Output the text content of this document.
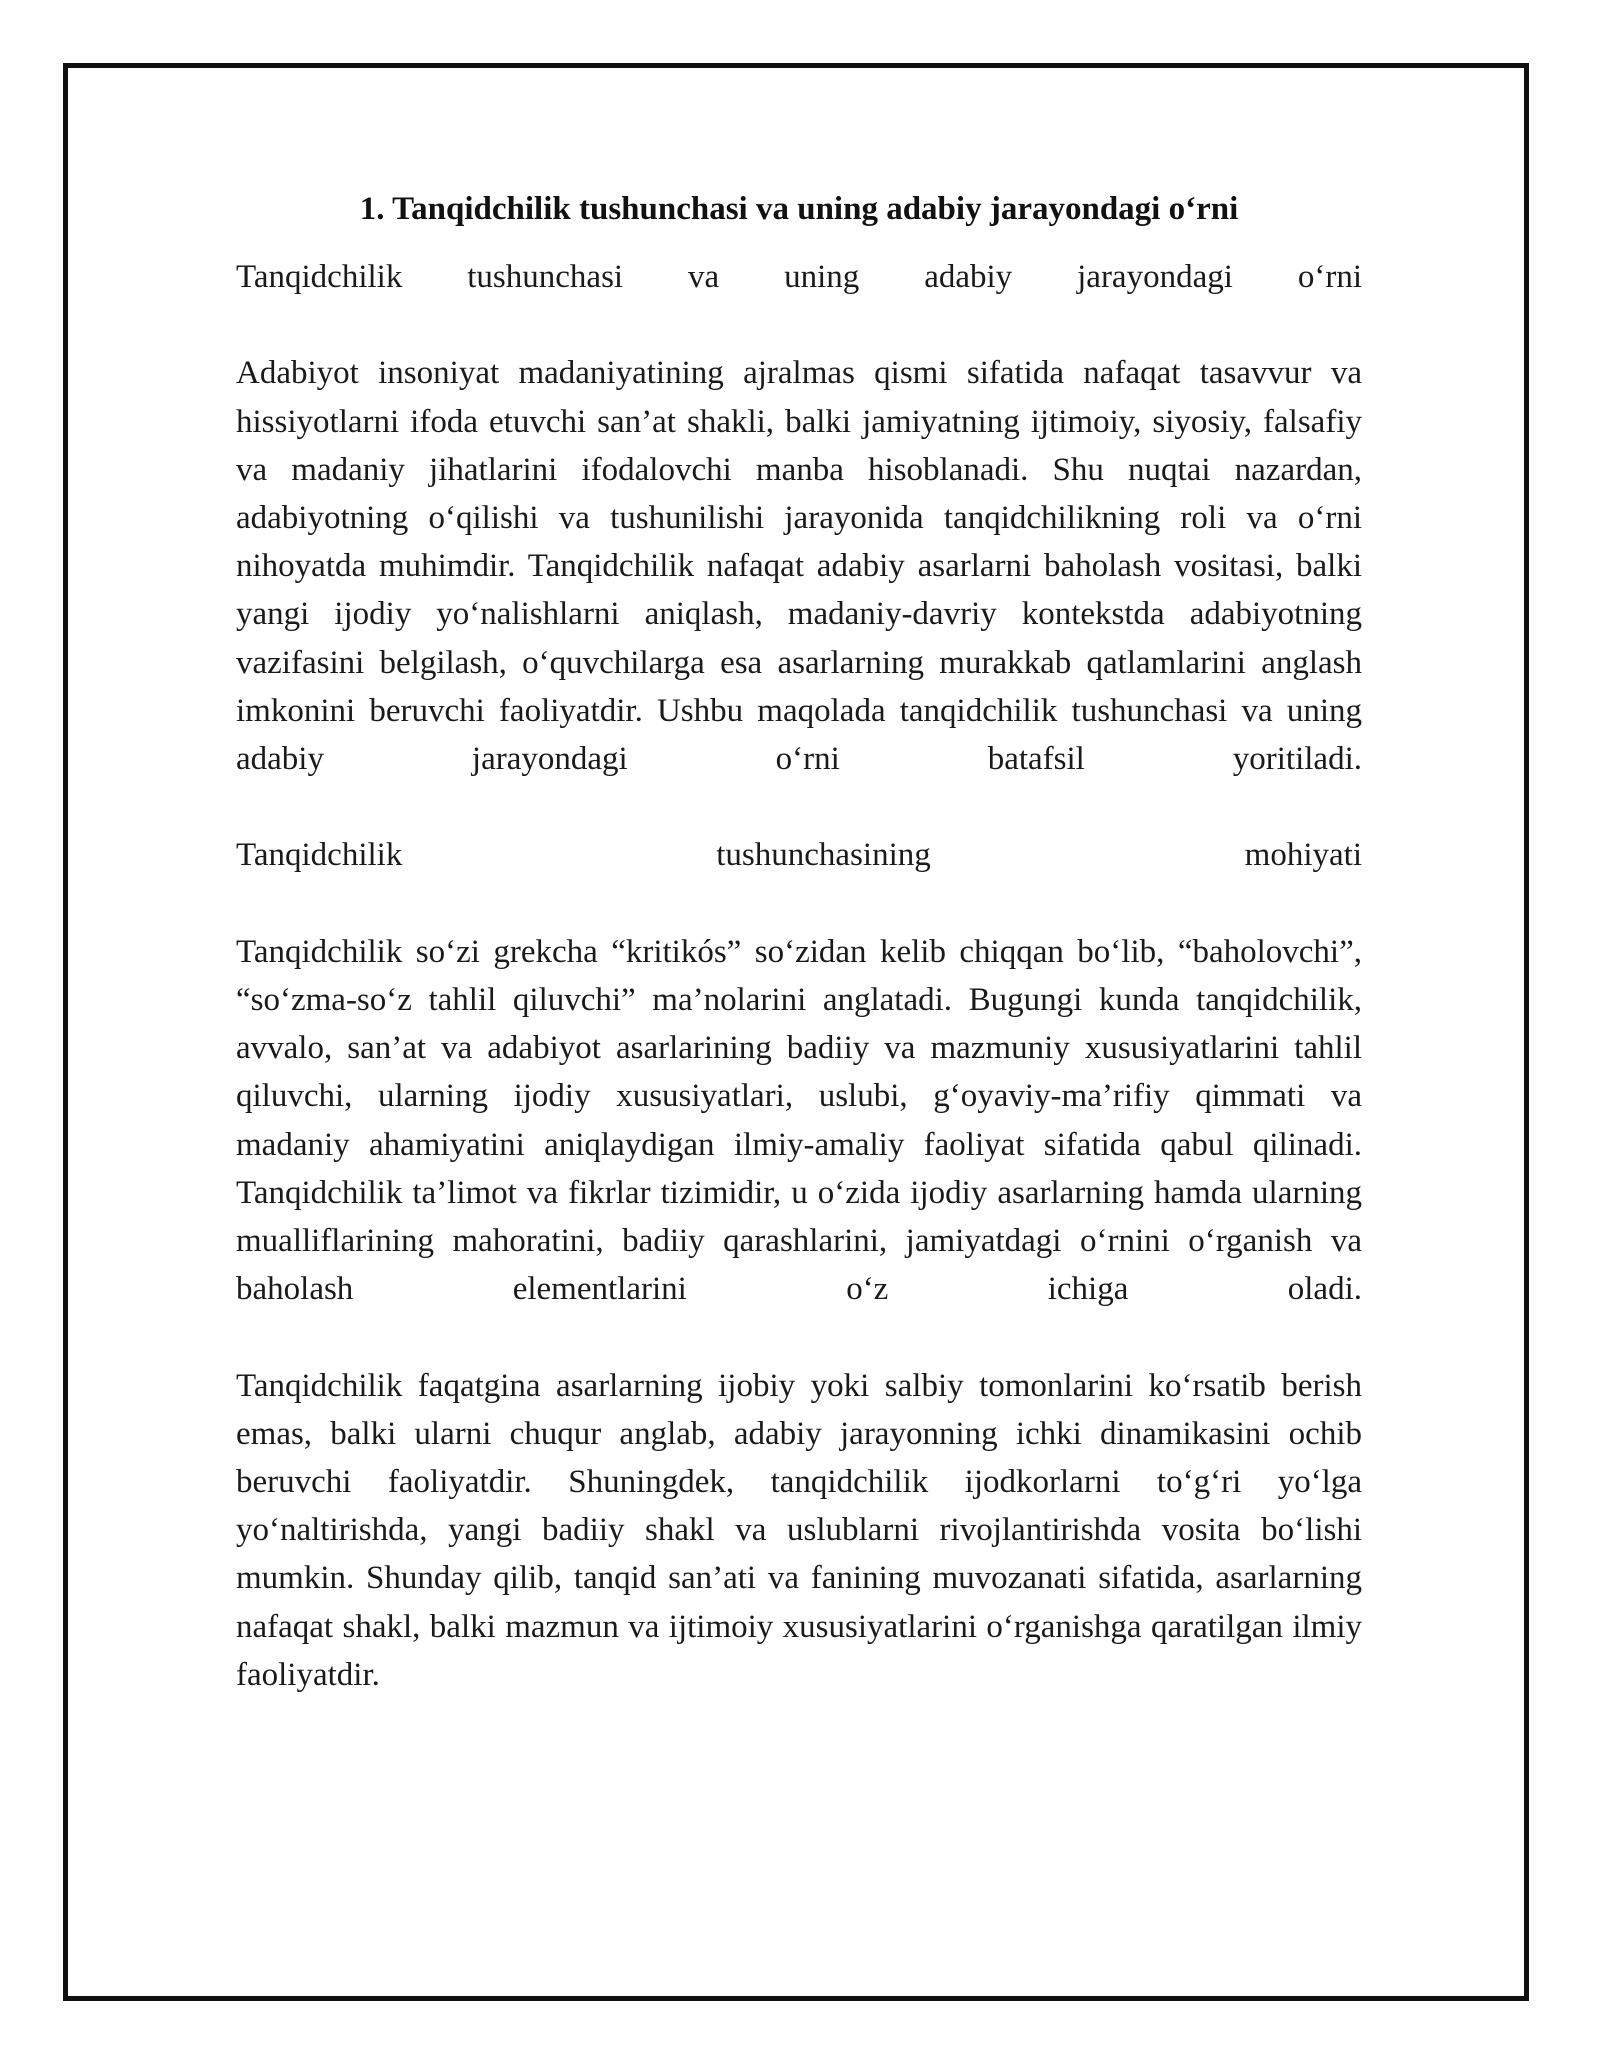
1. Tanqidchilik tushunchasi va uning adabiy jarayondagi o‘rni

Tanqidchilik tushunchasi va uning adabiy jarayondagi o‘rni

Adabiyot insoniyat madaniyatining ajralmas qismi sifatida nafaqat tasavvur va hissiyotlarni ifoda etuvchi san’at shakli, balki jamiyatning ijtimoiy, siyosiy, falsafiy va madaniy jihatlarini ifodalovchi manba hisoblanadi. Shu nuqtai nazardan, adabiyotning o‘qilishi va tushunilishi jarayonida tanqidchilikning roli va o‘rni nihoyatda muhimdir. Tanqidchilik nafaqat adabiy asarlarni baholash vositasi, balki yangi ijodiy yo‘nalishlarni aniqlash, madaniy-davriy kontekstda adabiyotning vazifasini belgilash, o‘quvchilarga esa asarlarning murakkab qatlamlarini anglash imkonini beruvchi faoliyatdir. Ushbu maqolada tanqidchilik tushunchasi va uning adabiy jarayondagi o‘rni batafsil yoritiladi.

Tanqidchilik tushunchasining mohiyati

Tanqidchilik so‘zi grekcha “kritikós” so‘zidan kelib chiqqan bo‘lib, “baholovchi”, “so‘zma-so‘z tahlil qiluvchi” ma’nolarini anglatadi. Bugungi kunda tanqidchilik, avvalo, san’at va adabiyot asarlarining badiiy va mazmuniy xususiyatlarini tahlil qiluvchi, ularning ijodiy xususiyatlari, uslubi, g‘oyaviy-ma’rifiy qimmati va madaniy ahamiyatini aniqlaydigan ilmiy-amaliy faoliyat sifatida qabul qilinadi. Tanqidchilik ta’limot va fikrlar tizimidir, u o‘zida ijodiy asarlarning hamda ularning mualliflarining mahoratini, badiiy qarashlarini, jamiyatdagi o‘rnini o‘rganish va baholash elementlarini o‘z ichiga oladi.

Tanqidchilik faqatgina asarlarning ijobiy yoki salbiy tomonlarini ko‘rsatib berish emas, balki ularni chuqur anglab, adabiy jarayonning ichki dinamikasini ochib beruvchi faoliyatdir. Shuningdek, tanqidchilik ijodkorlarni to‘g‘ri yo‘lga yo‘naltirishda, yangi badiiy shakl va uslublarni rivojlantirishda vosita bo‘lishi mumkin. Shunday qilib, tanqid san’ati va fanining muvozanati sifatida, asarlarning nafaqat shakl, balki mazmun va ijtimoiy xususiyatlarini o‘rganishga qaratilgan ilmiy faoliyatdir.
